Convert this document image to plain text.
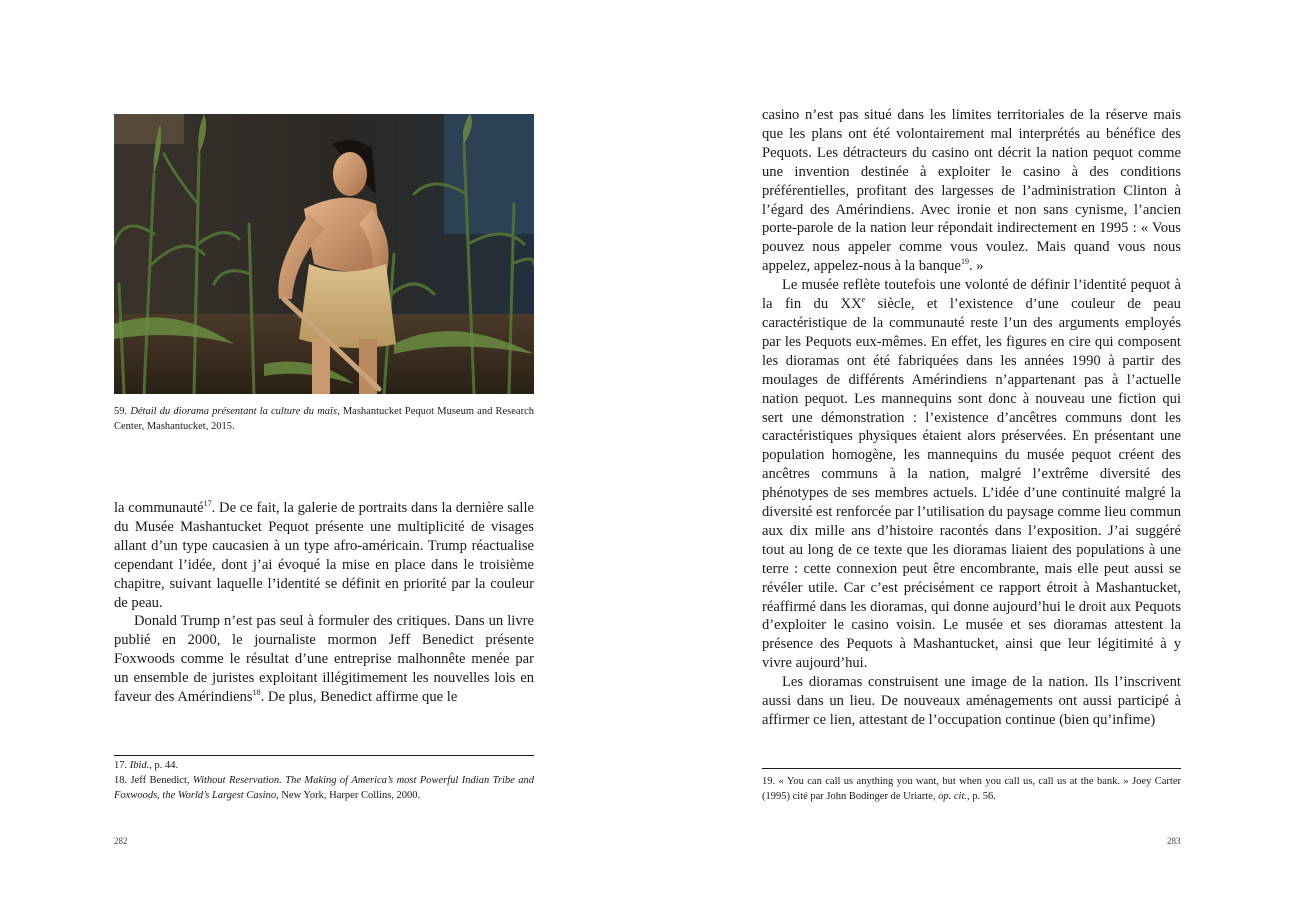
59. Détail du diorama présentant la culture du maïs, Mashantucket Pequot Museum and Research Center, Mashantucket, 2015.

la communauté$^{17}$. De ce fait, la galerie de portraits dans la dernière salle du Musée Mashantucket Pequot présente une multiplicité de visages allant d’un type caucasien à un type afro-américain. Trump réactualise cependant l’idée, dont j’ai évoqué la mise en place dans le troisième chapitre, suivant laquelle l’identité se définit en priorité par la couleur de peau.

Donald Trump n’est pas seul à formuler des critiques. Dans un livre publié en 2000, le journaliste mormon Jeff Benedict présente Foxwoods comme le résultat d’une entreprise malhonnête menée par un ensemble de juristes exploitant illégitimement les nouvelles lois en faveur des Amérindiens$^{18}$. De plus, Benedict affirme que le

17. Ibid., p. 44.
18. Jeff Benedict, Without Reservation. The Making of America’s most Powerful Indian Tribe and Foxwoods, the World’s Largest Casino, New York, Harper Collins, 2000.
282

casino n’est pas situé dans les limites territoriales de la réserve mais que les plans ont été volontairement mal interprétés au bénéfice des Pequots. Les détracteurs du casino ont décrit la nation pequot comme une invention destinée à exploiter le casino à des conditions préférentielles, profitant des largesses de l’administration Clinton à l’égard des Amérindiens. Avec ironie et non sans cynisme, l’ancien porte-parole de la nation leur répondait indirectement en 1995 : « Vous pouvez nous appeler comme vous voulez. Mais quand vous nous appelez, appelez-nous à la banque$^{19}$. »

Le musée reflète toutefois une volonté de définir l’identité pequot à la fin du XXe siècle, et l’existence d’une couleur de peau caractéristique de la communauté reste l’un des arguments employés par les Pequots eux-mêmes. En effet, les figures en cire qui composent les dioramas ont été fabriquées dans les années 1990 à partir des moulages de différents Amérindiens n’appartenant pas à l’actuelle nation pequot. Les mannequins sont donc à nouveau une fiction qui sert une démonstration : l’existence d’ancêtres communs dont les caractéristiques physiques étaient alors préservées. En présentant une population homogène, les mannequins du musée pequot créent des ancêtres communs à la nation, malgré l’extrême diversité des phénotypes de ses membres actuels. L’idée d’une continuité malgré la diversité est renforcée par l’utilisation du paysage comme lieu commun aux dix mille ans d’histoire racontés dans l’exposition. J’ai suggéré tout au long de ce texte que les dioramas liaient des populations à une terre : cette connexion peut être encombrante, mais elle peut aussi se révéler utile. Car c’est précisément ce rapport étroit à Mashantucket, réaffirmé dans les dioramas, qui donne aujourd’hui le droit aux Pequots d’exploiter le casino voisin. Le musée et ses dioramas attestent la présence des Pequots à Mashantucket, ainsi que leur légitimité à y vivre aujourd’hui.

Les dioramas construisent une image de la nation. Ils l’inscrivent aussi dans un lieu. De nouveaux aménagements ont aussi participé à affirmer ce lien, attestant de l’occupation continue (bien qu’infime)

19. « You can call us anything you want, but when you call us, call us at the bank. » Joey Carter (1995) cité par John Bodinger de Uriarte, op. cit., p. 56.
283
